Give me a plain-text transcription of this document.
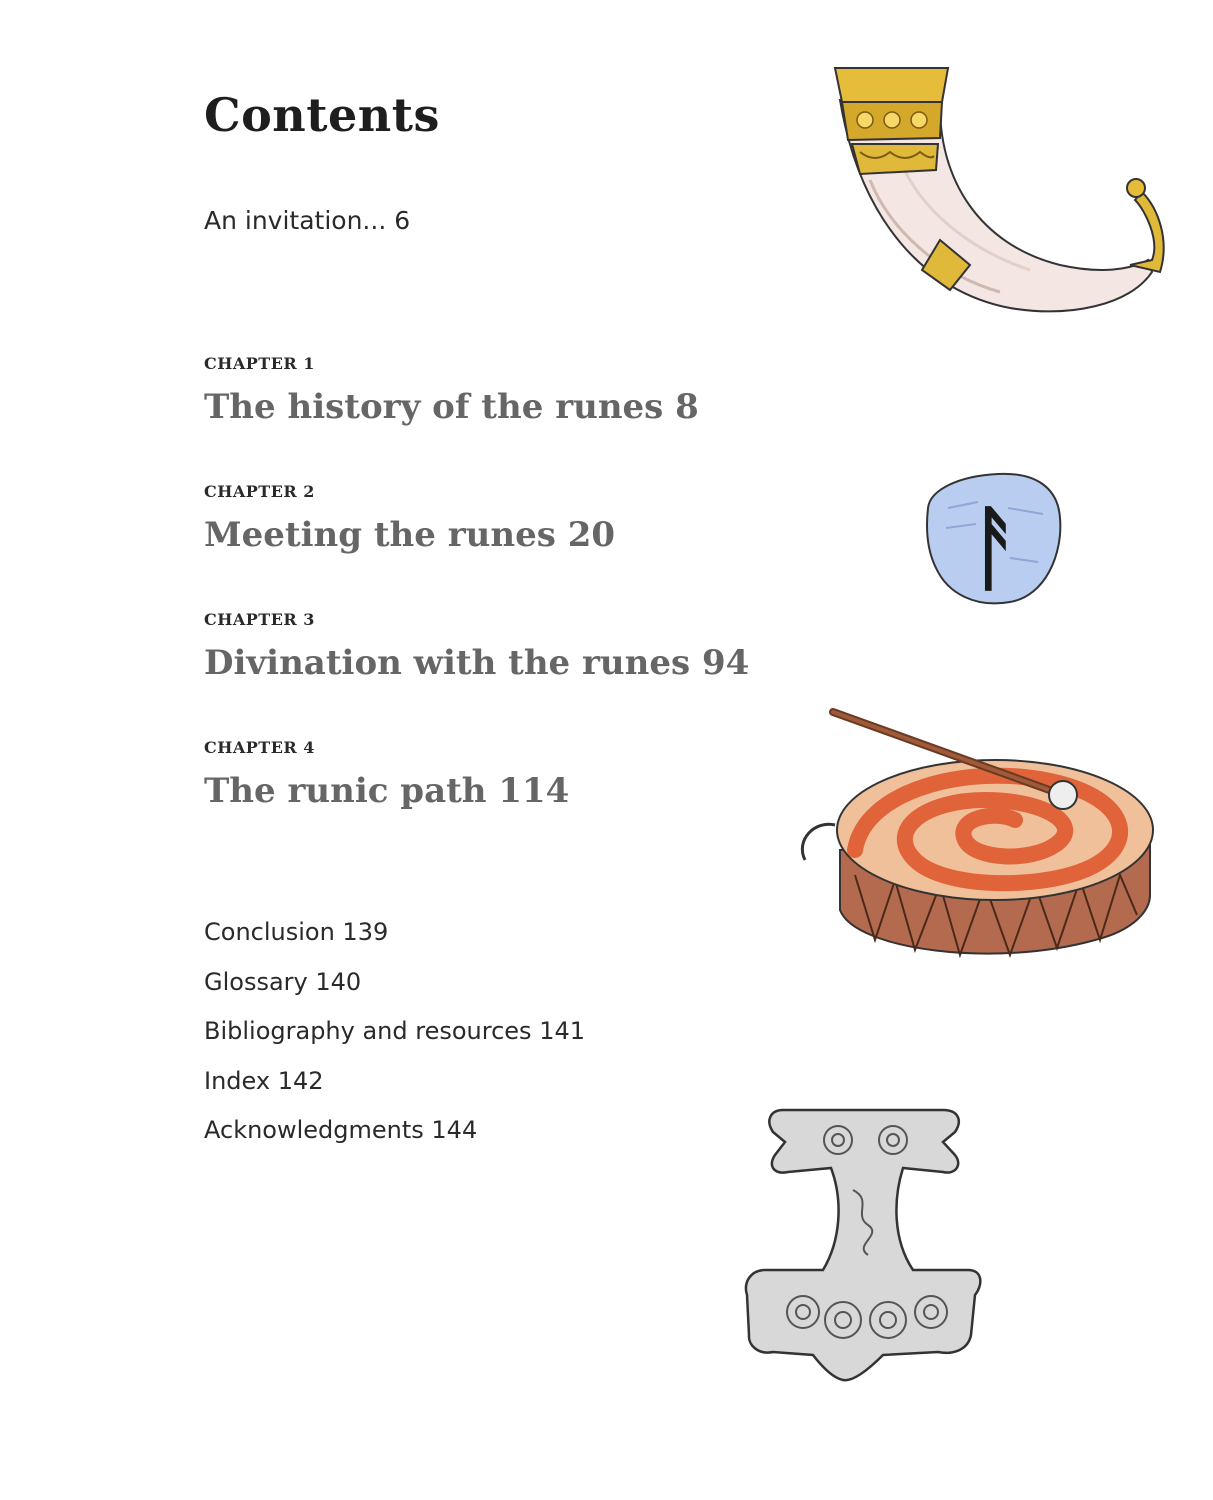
Contents
An invitation... 6
CHAPTER 1
The history of the runes 8
CHAPTER 2
Meeting the runes 20
CHAPTER 3
Divination with the runes 94
CHAPTER 4
The runic path 114
Conclusion 139
Glossary 140
Bibliography and resources 141
Index 142
Acknowledgments 144
ᚨ
